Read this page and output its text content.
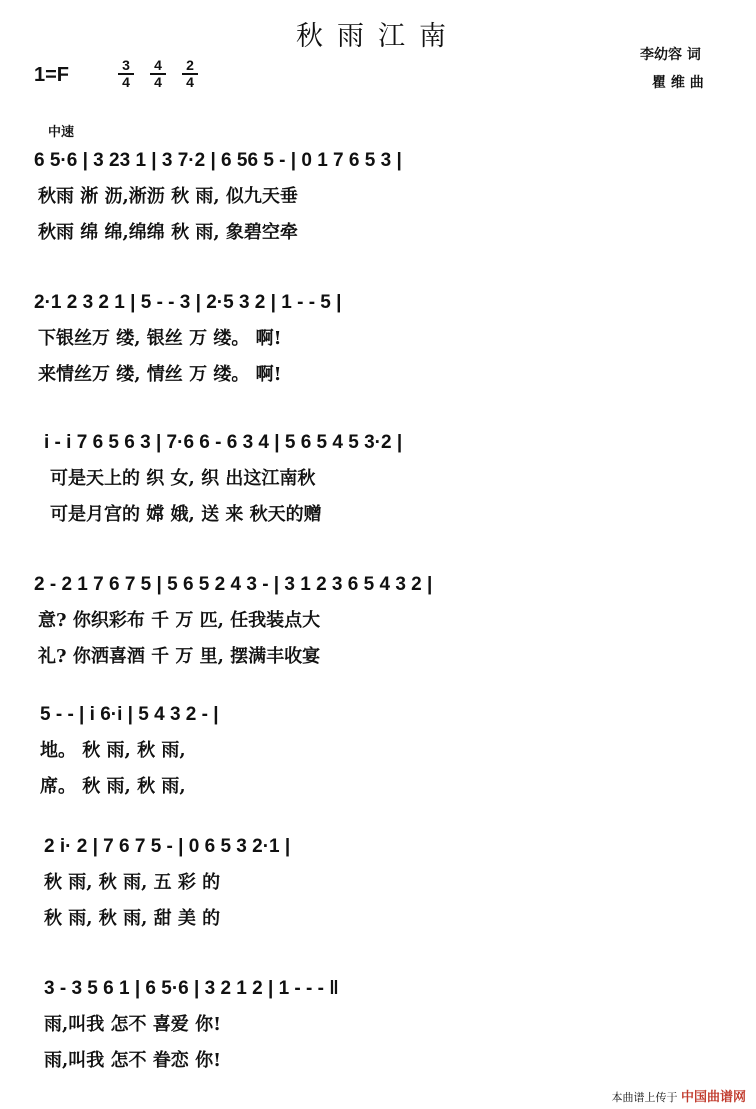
秋雨江南
李幼容 词
瞿 维 曲
1=F	3
4
4
4
2
4
中速
6 5·6 | 3 23 1 | 3 7·2 | 6 56 5 - | 0 1 7 6 5 3 |
秋雨 淅 沥,淅沥 秋 雨, 似九天垂
秋雨 绵 绵,绵绵 秋 雨, 象碧空牵
2·1 2 3 2 1 | 5 - - 3 | 2·5 3 2 | 1 - - 5 |
下银丝万 缕, 银丝 万 缕。 啊!
来情丝万 缕, 情丝 万 缕。 啊!
i - i 7 6 5 6 3 | 7·6 6 - 6 3 4 | 5 6 5 4 5 3·2 |
可是天上的 织 女, 织 出这江南秋
可是月宫的 嫦 娥, 送 来 秋天的赠
2 - 2 1 7 6 7 5 | 5 6 5 2 4 3 - | 3 1 2 3 6 5 4 3 2 |
意? 你织彩布 千 万 匹, 任我装点大
礼? 你洒喜酒 千 万 里, 摆满丰收宴
5 - - | i 6·i | 5 4 3 2 - |
地。 秋 雨, 秋 雨,
席。 秋 雨, 秋 雨,
2 i· 2 | 7 6 7 5 - | 0 6 5 3 2·1 |
秋 雨, 秋 雨, 五 彩 的
秋 雨, 秋 雨, 甜 美 的
3 - 3 5 6 1 | 6 5·6 | 3 2 1 2 | 1 - - - ‖
雨,叫我 怎不 喜爱 你!
雨,叫我 怎不 眷恋 你!
本曲谱上传于 中国曲谱网
